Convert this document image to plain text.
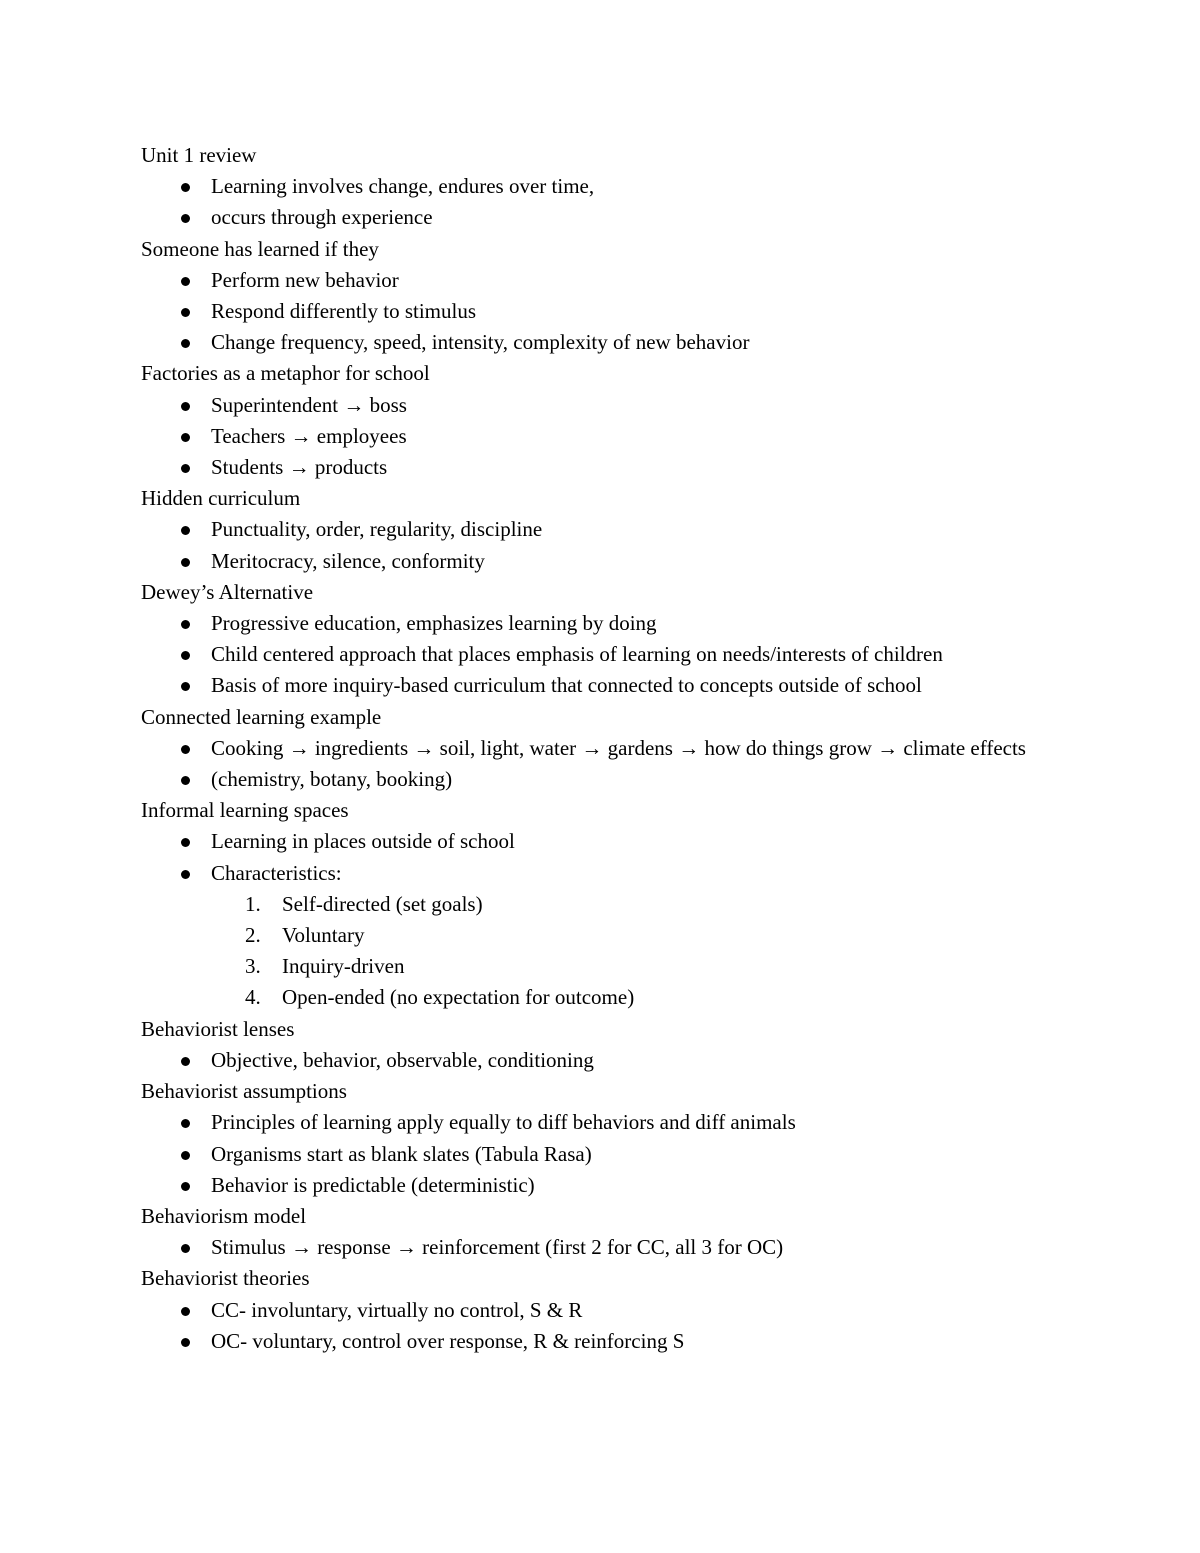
Unit 1 review
Learning involves change, endures over time,
occurs through experience
Someone has learned if they
Perform new behavior
Respond differently to stimulus
Change frequency, speed, intensity, complexity of new behavior
Factories as a metaphor for school
Superintendent → boss
Teachers → employees
Students → products
Hidden curriculum
Punctuality, order, regularity, discipline
Meritocracy, silence, conformity
Dewey’s Alternative
Progressive education, emphasizes learning by doing
Child centered approach that places emphasis of learning on needs/interests of children
Basis of more inquiry-based curriculum that connected to concepts outside of school
Connected learning example
Cooking → ingredients → soil, light, water → gardens → how do things grow → climate effects
(chemistry, botany, booking)
Informal learning spaces
Learning in places outside of school
Characteristics:
1.	Self-directed (set goals)
2.	Voluntary
3.	Inquiry-driven
4.	Open-ended (no expectation for outcome)
Behaviorist lenses
Objective, behavior, observable, conditioning
Behaviorist assumptions
Principles of learning apply equally to diff behaviors and diff animals
Organisms start as blank slates (Tabula Rasa)
Behavior is predictable (deterministic)
Behaviorism model
Stimulus → response → reinforcement (first 2 for CC, all 3 for OC)
Behaviorist theories
CC- involuntary, virtually no control, S & R
OC- voluntary, control over response, R & reinforcing S
